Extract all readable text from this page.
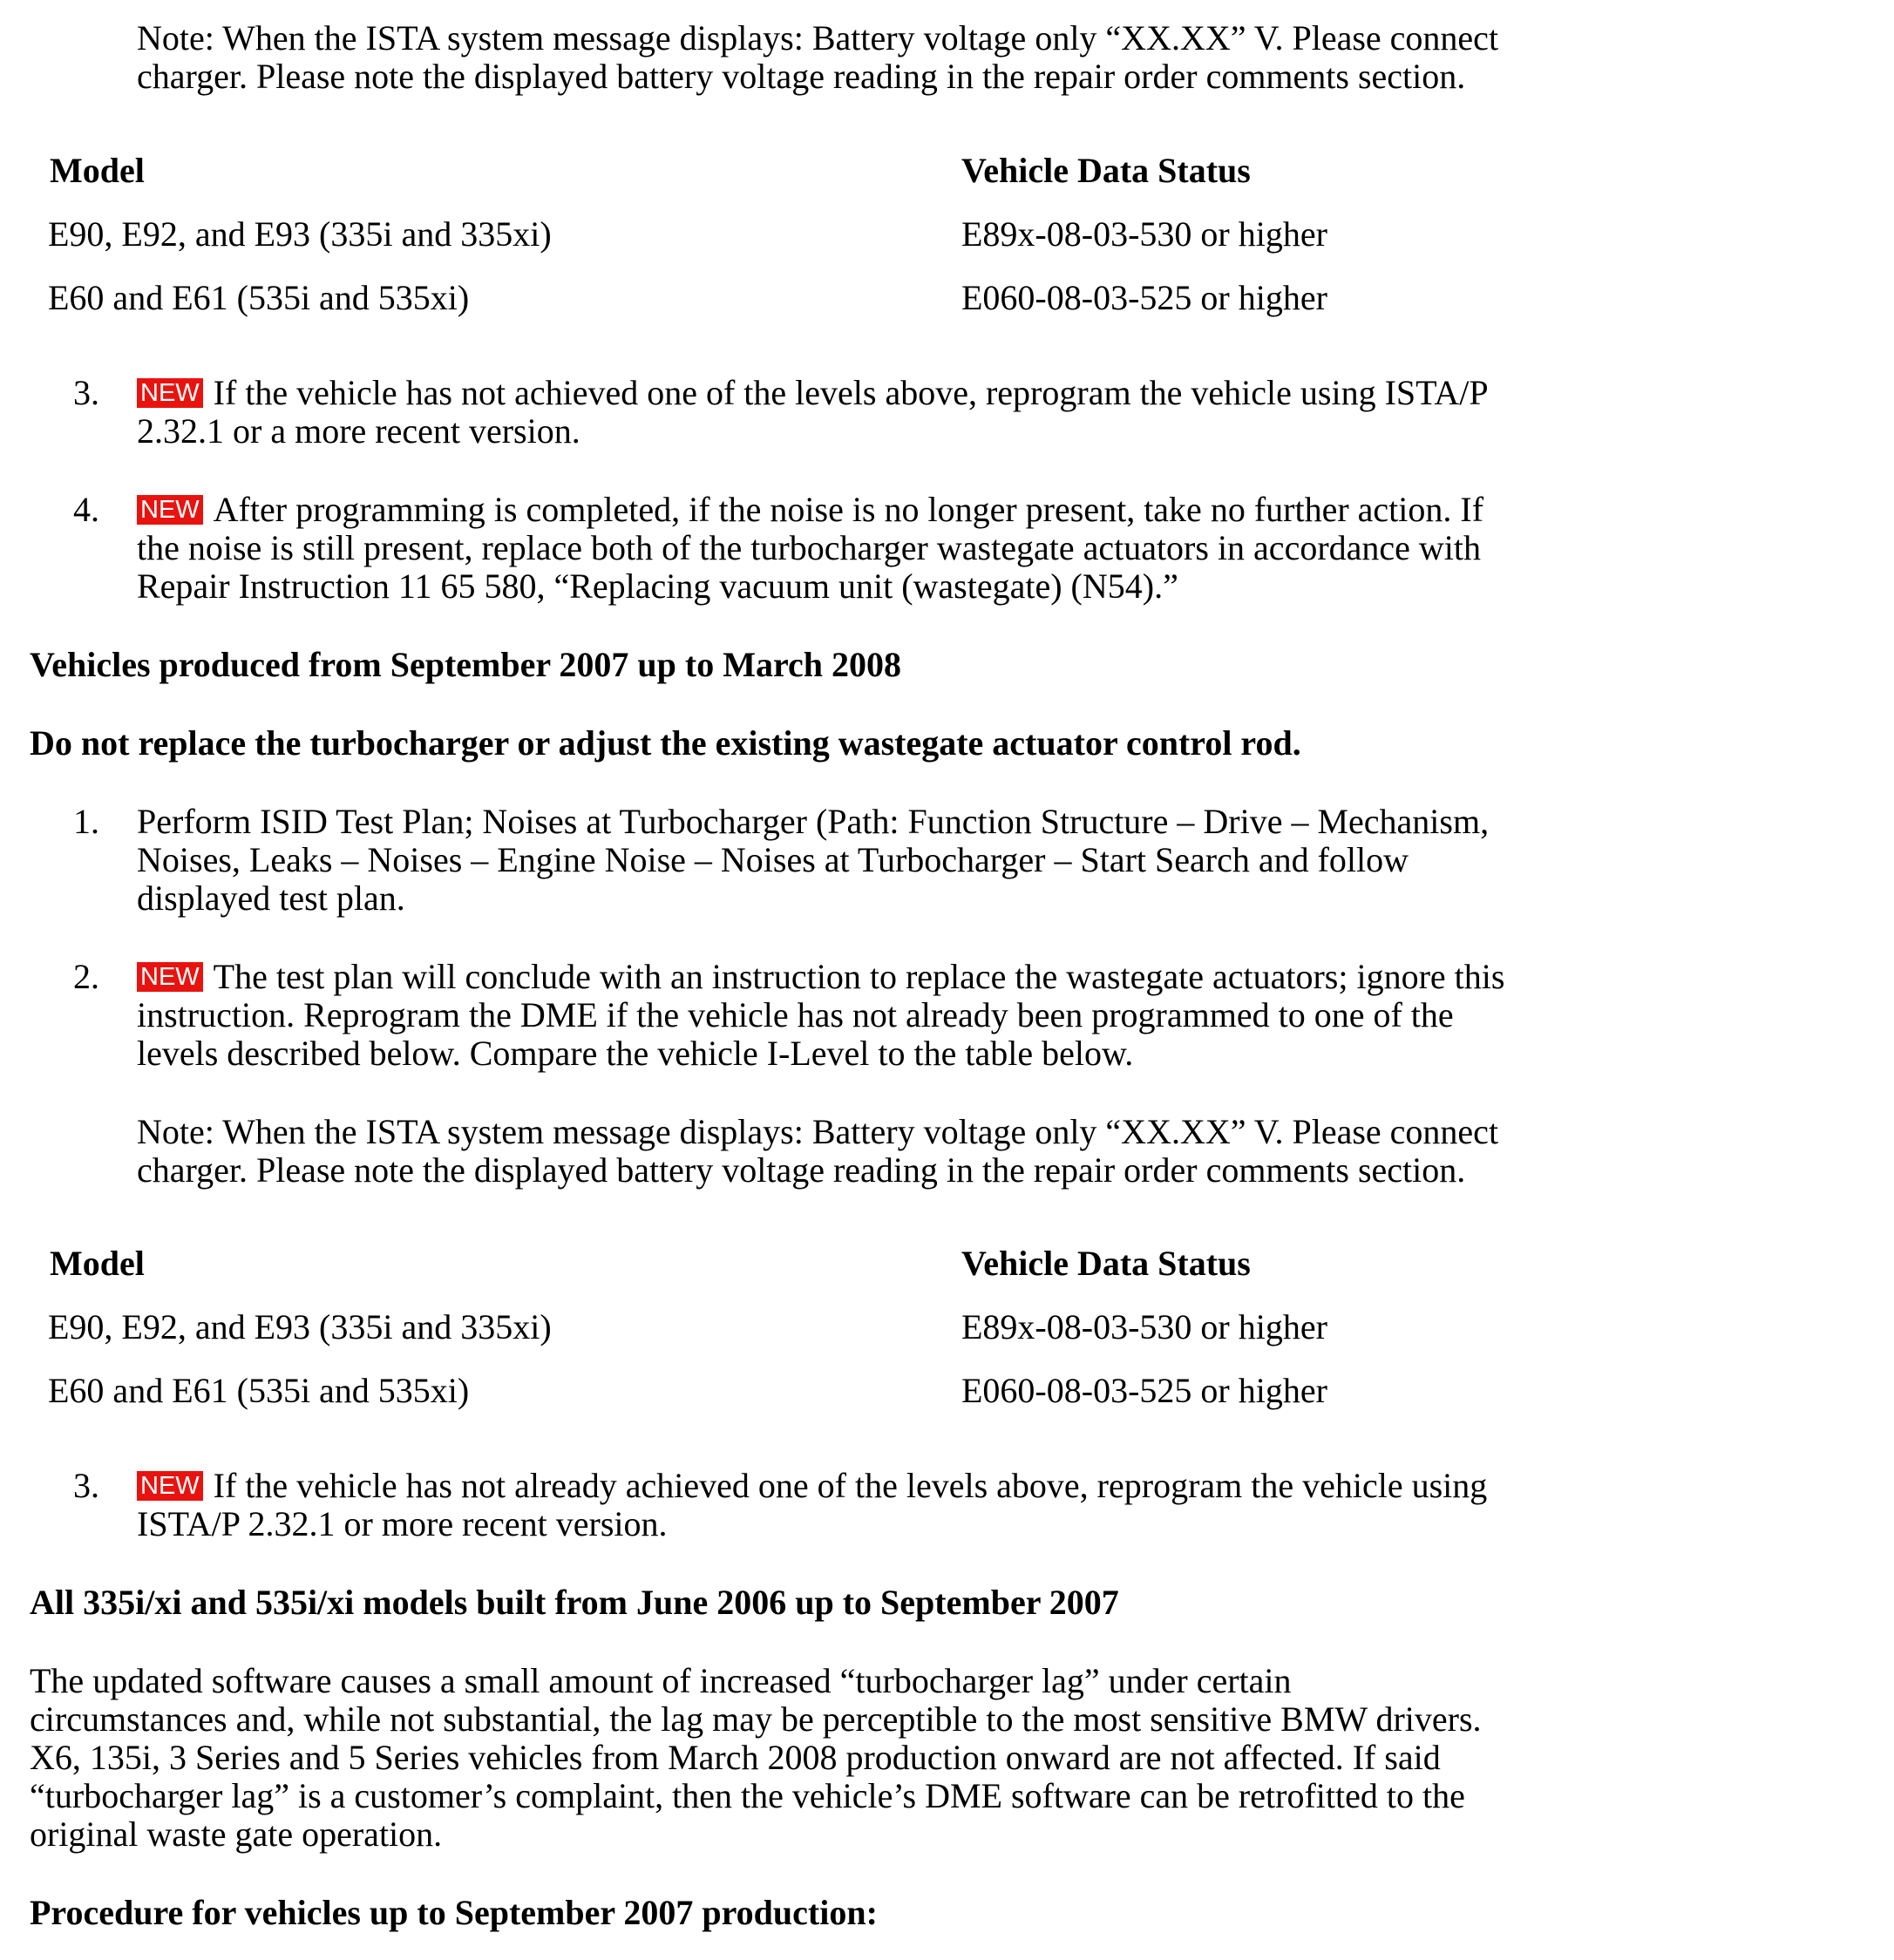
Note: When the ISTA system message displays: Battery voltage only “XX.XX” V. Please connect

charger. Please note the displayed battery voltage reading in the repair order comments section.

Model	Vehicle Data Status

E90, E92, and E93 (335i and 335xi)	E89x-08-03-530 or higher

E60 and E61 (535i and 535xi)	E060-08-03-525 or higher

3. NEW If the vehicle has not achieved one of the levels above, reprogram the vehicle using ISTA/P

2.32.1 or a more recent version.

4. NEW After programming is completed, if the noise is no longer present, take no further action. If

the noise is still present, replace both of the turbocharger wastegate actuators in accordance with

Repair Instruction 11 65 580, “Replacing vacuum unit (wastegate) (N54).”

Vehicles produced from September 2007 up to March 2008

Do not replace the turbocharger or adjust the existing wastegate actuator control rod.

1. Perform ISID Test Plan; Noises at Turbocharger (Path: Function Structure – Drive – Mechanism,

Noises, Leaks – Noises – Engine Noise – Noises at Turbocharger – Start Search and follow

displayed test plan.

2. NEW The test plan will conclude with an instruction to replace the wastegate actuators; ignore this

instruction. Reprogram the DME if the vehicle has not already been programmed to one of the

levels described below. Compare the vehicle I-Level to the table below.

Note: When the ISTA system message displays: Battery voltage only “XX.XX” V. Please connect

charger. Please note the displayed battery voltage reading in the repair order comments section.

Model	Vehicle Data Status

E90, E92, and E93 (335i and 335xi)	E89x-08-03-530 or higher

E60 and E61 (535i and 535xi)	E060-08-03-525 or higher

3. NEW If the vehicle has not already achieved one of the levels above, reprogram the vehicle using

ISTA/P 2.32.1 or more recent version.

All 335i/xi and 535i/xi models built from June 2006 up to September 2007

The updated software causes a small amount of increased “turbocharger lag” under certain

circumstances and, while not substantial, the lag may be perceptible to the most sensitive BMW drivers.

X6, 135i, 3 Series and 5 Series vehicles from March 2008 production onward are not affected. If said

“turbocharger lag” is a customer’s complaint, then the vehicle’s DME software can be retrofitted to the

original waste gate operation.

Procedure for vehicles up to September 2007 production:
